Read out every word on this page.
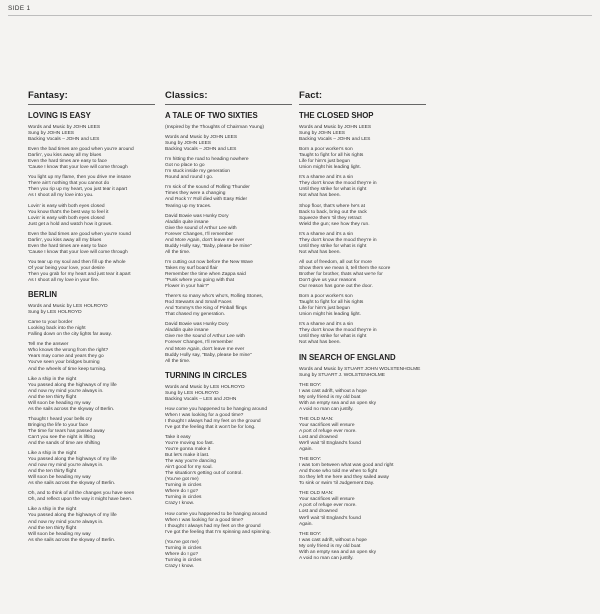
SIDE 1
Fantasy:
LOVING IS EASY
Words and Music by JOHN LEES
Sung by JOHN LEES
Backing Vocals – JOHN and LES
Even the bad times are good when you're around
Darlin', you kiss away all my blues
Even the hard times are easy to face
'Cause I know that your love will come through
You light up my flame, then you drive me insane
There ain't nothing that you cannot do
Then you rip up my heart, you just tear it apart
As I shoot all my love into you.
Lovin' is easy with both eyes closed
You know that's the best way to feel it
Lovin' is easy with both eyes closed
Just get a hold and watch how it grows.
Even the bad times are good when you're round
Darlin', you kiss away all my blues
Even the hard times are easy to face
'Cause I know that your love will come through
You tear up my soul and then fill up the whole
Of your being your love, your desire
Then you grab for my heart and just tear it apart
As I shoot all my love in your fire.
BERLIN
Words and Music by LES HOLROYD
Sung by LES HOLROYD
Came to your border
Looking back into the night
Falling down on the city lights far away.
Tell me the answer
Who knows the wrong from the right?
Years may come and years they go
You've seen your bridges burning
And the wheels of time keep turning.
Like a ship in the night
You passed along the highways of my life
And now my mind you're always in.
And the ten thirty flight
Will soon be heading my way
As the sails across the skyway of Berlin.
Thought I heard your bells cry
Bringing the life to your face
The time for tears has passed away
Can't you see the night is lifting
And the sands of time are shifting
Like a ship in the night
You passed along the highways of my life
And now my mind you're always in.
And the ten thirty flight
Will soon be heading my way
As she sails across the skyway of Berlin.
Oh, and to think of all the changes you have seen
Oh, and reflect upon the way it might have been.
Like a ship in the night
You passed along the highways of my life
And now my mind you're always in.
And the ten thirty flight
Will soon be heading my way
As she sails across the skyway of Berlin.
Classics:
A TALE OF TWO SIXTIES
(Inspired by the Thoughts of Chairman Young)
Words and Music by JOHN LEES
Sung by JOHN LEES
Backing Vocals – JOHN and LES
I'm hitting the road to heading nowhere
Got no place to go
I'm stuck inside my generation
Round and round I go.
I'm sick of the sound of Rolling Thunder
Times they were a changing
And Rock 'n' Roll died with Easy Rider
Tearing up my traces.
David Bowie was Hunky Dory
Aladdin quite insane
Give the sound of Arthur Lee with
Forever Changes, I'll remember
And More Again, don't leave me ever
Buddy Holly say, "Baby, please be mine"
All the time.
I'm cutting out now before the New Wave
Takes my surf board flair
Remember the time when Zappa said
"Punk where you going with that
Flower in your hair?"
There's so many who's who's, Rolling Stones,
Rod Stewarts and Small Faces
And Tommy's the King of Pinball flings
That chased my generation.
David Bowie was Hunky Dory
Aladdin quite insane
Give me the sound of Arthur Lee with
Forever Changes, I'll remember
And More Again, don't leave me ever
Buddy Holly say, "Baby, please be mine"
All the time.
TURNING IN CIRCLES
Words and Music by LES HOLROYD
Sung by LES HOLROYD
Backing Vocals – LES and JOHN
How come you happened to be hanging around
When I was looking for a good time?
I thought I always had my feet on the ground
I've got the feeling that it won't be for long.
Take it easy
You're moving too fast.
You're gonna make it
But let's make it last.
The way you're dancing
Ain't good for my soul.
The situation's getting out of control.
(You've got me)
Turning in circles
Where do I go?
Turning in circles
Crazy I know.
How come you happened to be hanging around
When I was looking for a good time?
I thought I always had my feet on the ground
I've got the feeling that I'm spinning and spinning.
(You've got me)
Turning in circles
Where do I go?
Turning in circles
Crazy I know.
Fact:
THE CLOSED SHOP
Words and Music by JOHN LEES
Sung by JOHN LEES
Backing Vocals – JOHN and LES
Born a poor worker's son
Taught to fight for all his rights
Life for him's just begun
Union might his leading light.
It's a shame and it's a sin
They don't know the mood they're in
Until they strike for what is right
Not what has been.
Shop floor, that's where he's at
Back to back, bring out the rack
Squeeze them 'til they retract
Wield the gun; see how they run.
It's a shame and it's a sin
They don't know the mood they're in
Until they strike for what is right
Not what has been.
All out of freedom, all out for more
Show them we mean it, tell them the score
Brother for brother, thats what we're for
Don't give us your reasons
Our reason has gone out the door.
Born a poor worker's son
Taught to fight for all his rights
Life for him's just begun
Union might his leading light.
It's a shame and it's a sin
They don't know the mood they're in
Until they strike for what is right
Not what has been.
IN SEARCH OF ENGLAND
Words and Music by STUART JOHN WOLSTENHOLME
Sung by STUART J. WOLSTENHOLME
THE BOY:
I was cast adrift, without a hope
My only friend is my old boat
With an empty sea and an open sky
A void no man can justify.
THE OLD MAN:
Your sacrifices will ensure
A port of refuge ever more.
Lost and drowned
We'll wait 'til England's found
Again.
THE BOY:
I was torn between what was good and right
And those who told me when to fight
So they left me here and they sailed away
To sink or swim 'til Judgement Day.
THE OLD MAN:
Your sacrifices will ensure
A port of refuge ever more.
Lost and drowned
We'll wait 'til England's found
Again.
THE BOY:
I was cast adrift, without a hope
My only friend is my old boat
With an empty sea and an open sky
A void no man can justify.
